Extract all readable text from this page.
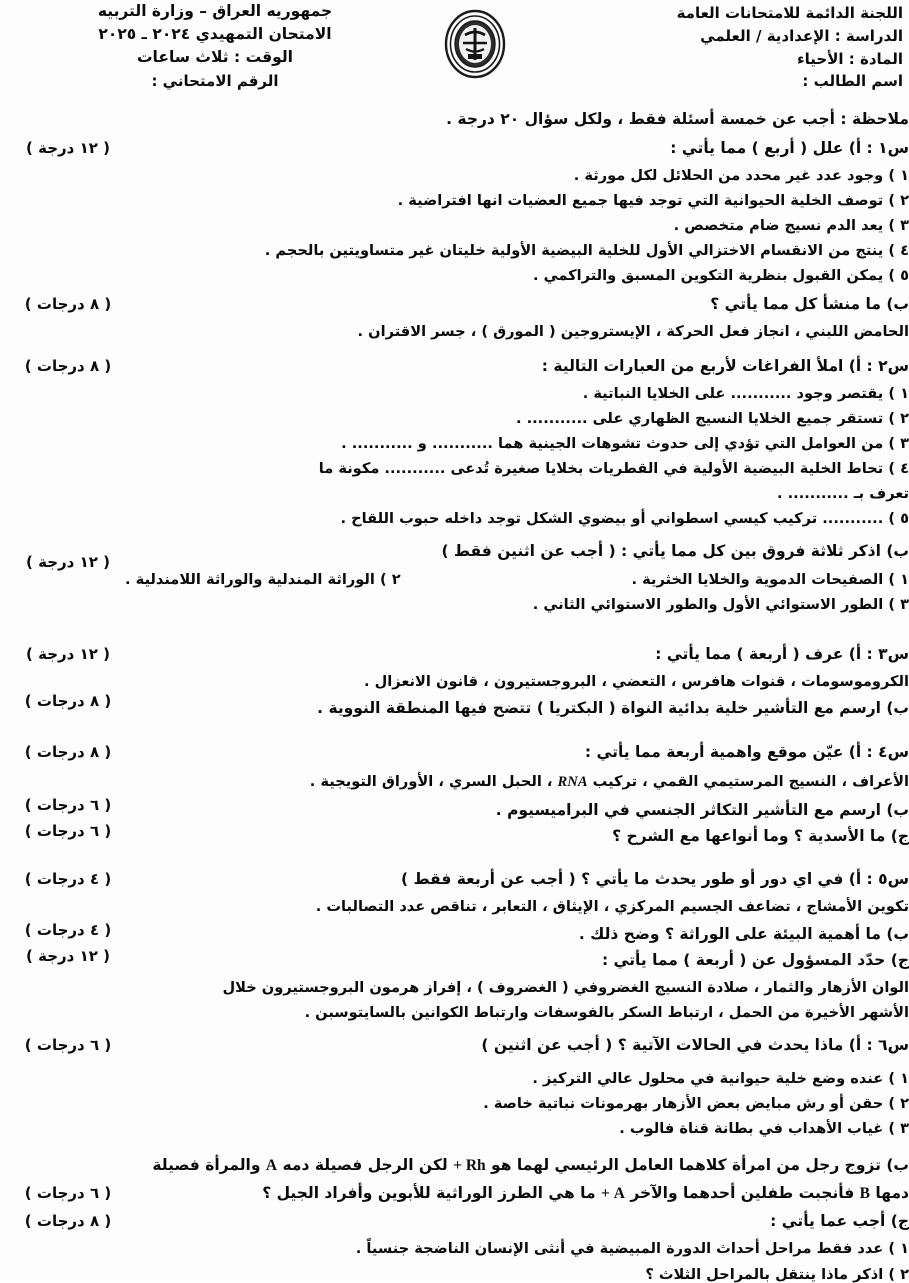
جمهوريه العراق – وزارة التربيه
الامتحان التمهيدي ٢٠٢٤ ـ ٢٠٢٥
الوقت : ثلاث ساعات
الرقم الامتحاني :
اللجنة الدائمة للامتحانات العامة
الدراسة : الإعدادية / العلمي
المادة : الأحياء
اسم الطالب :
ملاحظة : أجب عن خمسة أسئلة فقط ، ولكل سؤال ٢٠ درجة .
س١ : أ) علل ( أربع ) مما يأتي :
( ١٢ درجة )
١ ) وجود عدد غير محدد من الحلائل لكل مورثة .
٢ ) توصف الخلية الحيوانية التي توجد فيها جميع العضيات انها افتراضية .
٣ ) يعد الدم نسيج ضام متخصص .
٤ ) ينتج من الانقسام الاختزالي الأول للخلية البيضية الأولية خليتان غير متساويتين بالحجم .
٥ ) يمكن القبول بنظرية التكوين المسبق والتراكمي .
ب) ما منشأ كل مما يأتي ؟
( ٨ درجات )
الحامض اللبني ، انجاز فعل الحركة ، الإيستروجين ( المورق ) ، جسر الاقتران .
س٢ : أ) املأ الفراغات لأربع من العبارات التالية :
( ٨ درجات )
١ ) يقتصر وجود ........... على الخلايا النباتية .
٢ ) تستقر جميع الخلايا النسيج الظهاري على ........... .
٣ ) من العوامل التي تؤدي إلى حدوث تشوهات الجينية هما ........... و ........... .
٤ ) تحاط الخلية البيضية الأولية في القطريات بخلايا صغيرة تُدعى ........... مكونة ما
تعرف بـ ........... .
٥ ) ........... تركيب كيسي اسطواني أو بيضوي الشكل توجد داخله حبوب اللقاح .
ب) اذكر ثلاثة فروق بين كل مما يأتي : ( أجب عن اثنين فقط )
( ١٢ درجة )
١ ) الصفيحات الدموية والخلايا الخثرية .
٢ ) الوراثة المندلية والوراثة اللامندلية .
٣ ) الطور الاستوائي الأول والطور الاستوائي الثاني .
س٣ : أ) عرف ( أربعة ) مما يأتي :
( ١٢ درجة )
الكروموسومات ، قنوات هافرس ، التعضي ، البروجستيرون ، قانون الانعزال .
ب) ارسم مع التأشير خلية بدائية النواة ( البكتريا ) تتضح فيها المنطقة النووية .
( ٨ درجات )
س٤ : أ) عيّن موقع واهمية أربعة مما يأتي :
( ٨ درجات )
الأعراف ، النسيج المرستيمي القمي ، تركيب RNA ، الحبل السري ، الأوراق التويجية .
ب) ارسم مع التأشير التكاثر الجنسي في البراميسيوم .
( ٦ درجات )
ج) ما الأسدية ؟ وما أنواعها مع الشرح ؟
( ٦ درجات )
س٥ : أ) في اي دور أو طور يحدث ما يأتي ؟ ( أجب عن أربعة فقط )
( ٤ درجات )
تكوين الأمشاج ، تضاعف الجسيم المركزي ، الإيثاق ، التعابر ، تناقص عدد التصالبات .
ب) ما أهمية البيئة على الوراثة ؟ وضح ذلك .
( ٤ درجات )
ج) حدّد المسؤول عن ( أربعة ) مما يأتي :
( ١٢ درجة )
الوان الأزهار والثمار ، صلادة النسيج الغضروفي ( الغضروف ) ، إفراز هرمون البروجستيرون خلال
الأشهر الأخيرة من الحمل ، ارتباط السكر بالفوسفات وارتباط الكوانين بالسايتوسبن .
س٦ : أ) ماذا يحدث في الحالات الآتية ؟ ( أجب عن اثنين )
( ٦ درجات )
١ ) عنده وضع خلية حيوانية في محلول عالي التركيز .
٢ ) حقن أو رش مبايض بعض الأزهار بهرمونات نباتية خاصة .
٣ ) غياب الأهداب في بطانة قناة فالوب .
ب) تزوج رجل من امرأة كلاهما العامل الرئيسي لهما هو Rh + لكن الرجل فصيلة دمه A والمرأة فصيلة
دمها B فأنجبت طفلين أحدهما والآخر A + ما هي الطرز الوراثية للأبوين وأفراد الجيل ؟
( ٦ درجات )
ج) أجب عما يأتي :
( ٨ درجات )
١ ) عدد فقط مراحل أحداث الدورة المبيضية في أنثى الإنسان الناضجة جنسياً .
٢ ) اذكر ماذا ينتقل بالمراحل الثلاث ؟
